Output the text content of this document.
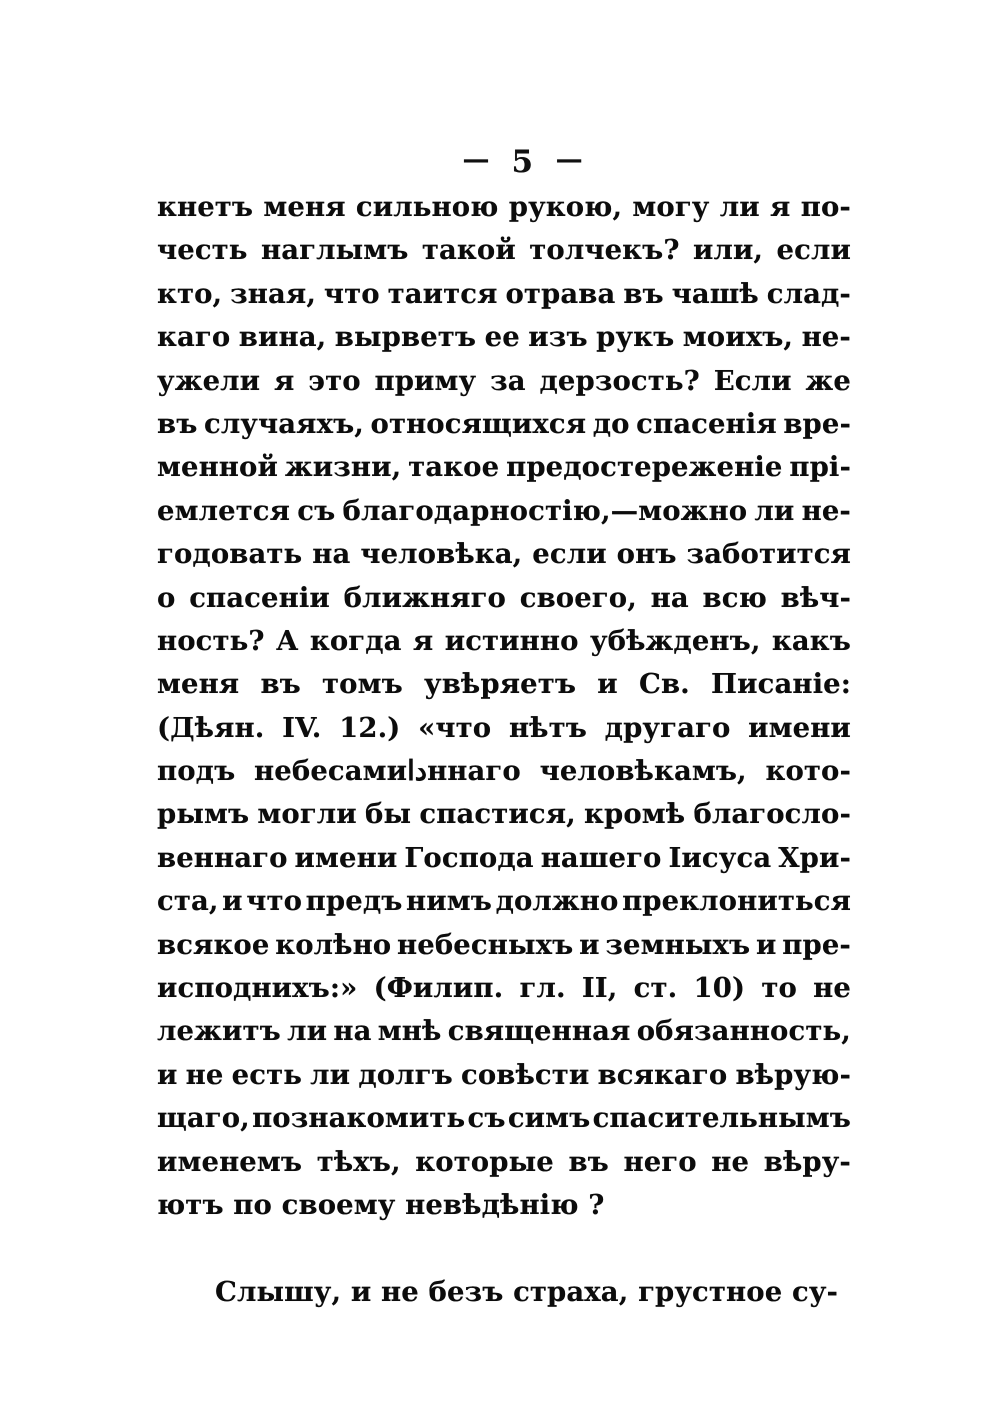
— 5 —

кнетъ меня сильною рукою, могу ли я по-
честь наглымъ такой толчекъ? или, если
кто, зная, что таится отрава въ чашѣ слад-
каго вина, вырветъ ее изъ рукъ моихъ, не-
ужели я это приму за дерзость? Если же
въ случаяхъ, относящихся до спасенія вре-
менной жизни, такое предостереженіе прі-
емлется съ благодарностію,—можно ли не-
годовать на человѣка, если онъ заботится
о спасеніи ближняго своего, на всю вѣч-
ность? А когда я истинно убѣжденъ, какъ
меня въ томъ увѣряетъ и Св. Писаніе:
(Дѣян. IV. 12.) «что нѣтъ другаго имени
подъ небесамиداннаго человѣкамъ, кото-
рымъ могли бы спастися, кромѣ благосло-
веннаго имени Господа нашего Іисуса Хри-
ста, и что предъ нимъ должно преклониться
всякое колѣно небесныхъ и земныхъ и пре-
исподнихъ:» (Филип. гл. II, ст. 10) то не
лежитъ ли на мнѣ священная обязанность,
и не есть ли долгъ совѣсти всякаго вѣрую-
щаго, познакомить съ симъ спасительнымъ
именемъ тѣхъ, которые въ него не вѣру-
ютъ по своему невѣдѣнію ?

Слышу, и не безъ страха, грустное су-
